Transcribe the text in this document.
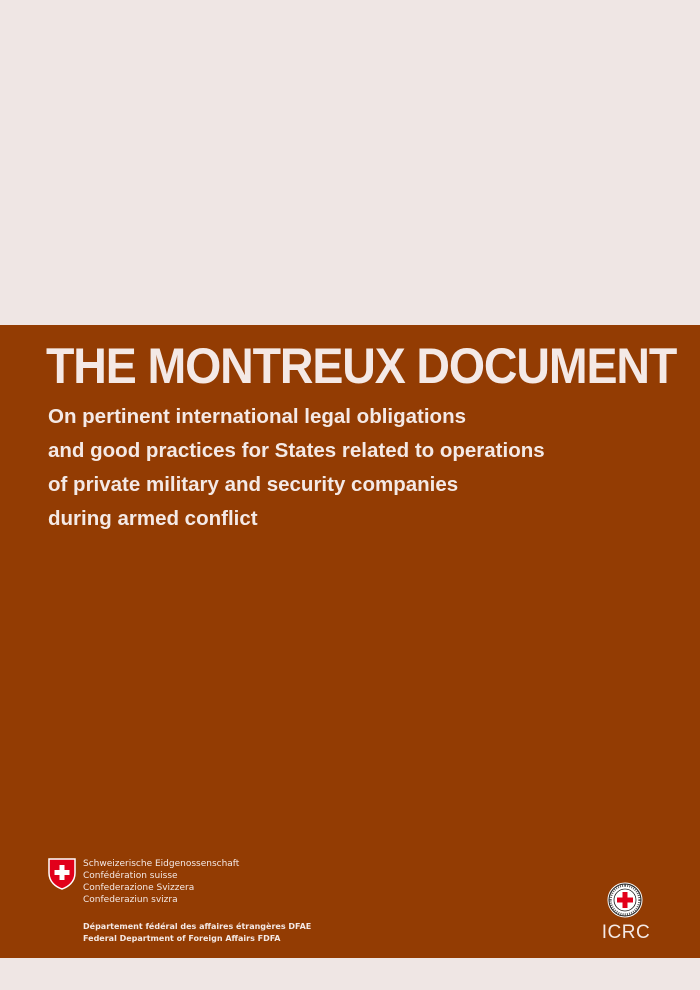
THE MONTREUX DOCUMENT
On pertinent international legal obligations
and good practices for States related to operations
of private military and security companies
during armed conflict
Schweizerische Eidgenossenschaft
Confédération suisse
Confederazione Svizzera
Confederaziun svizra
Département fédéral des affaires étrangères DFAE
Federal Department of Foreign Affairs FDFA	ICRC
